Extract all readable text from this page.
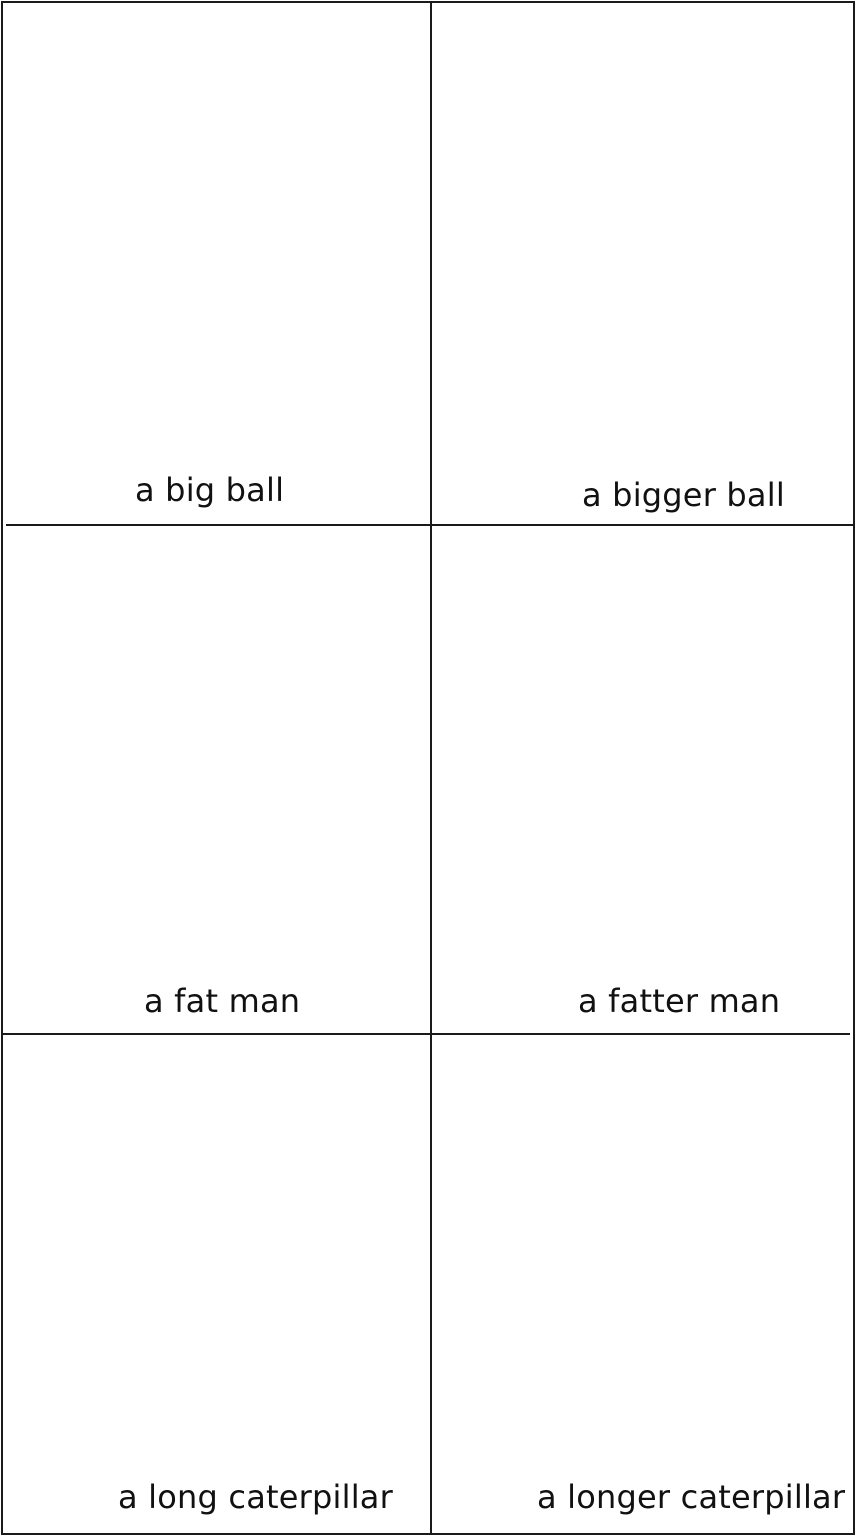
a big ball	a bigger ball
a fat man	a fatter man
a long caterpillar	a longer caterpillar
